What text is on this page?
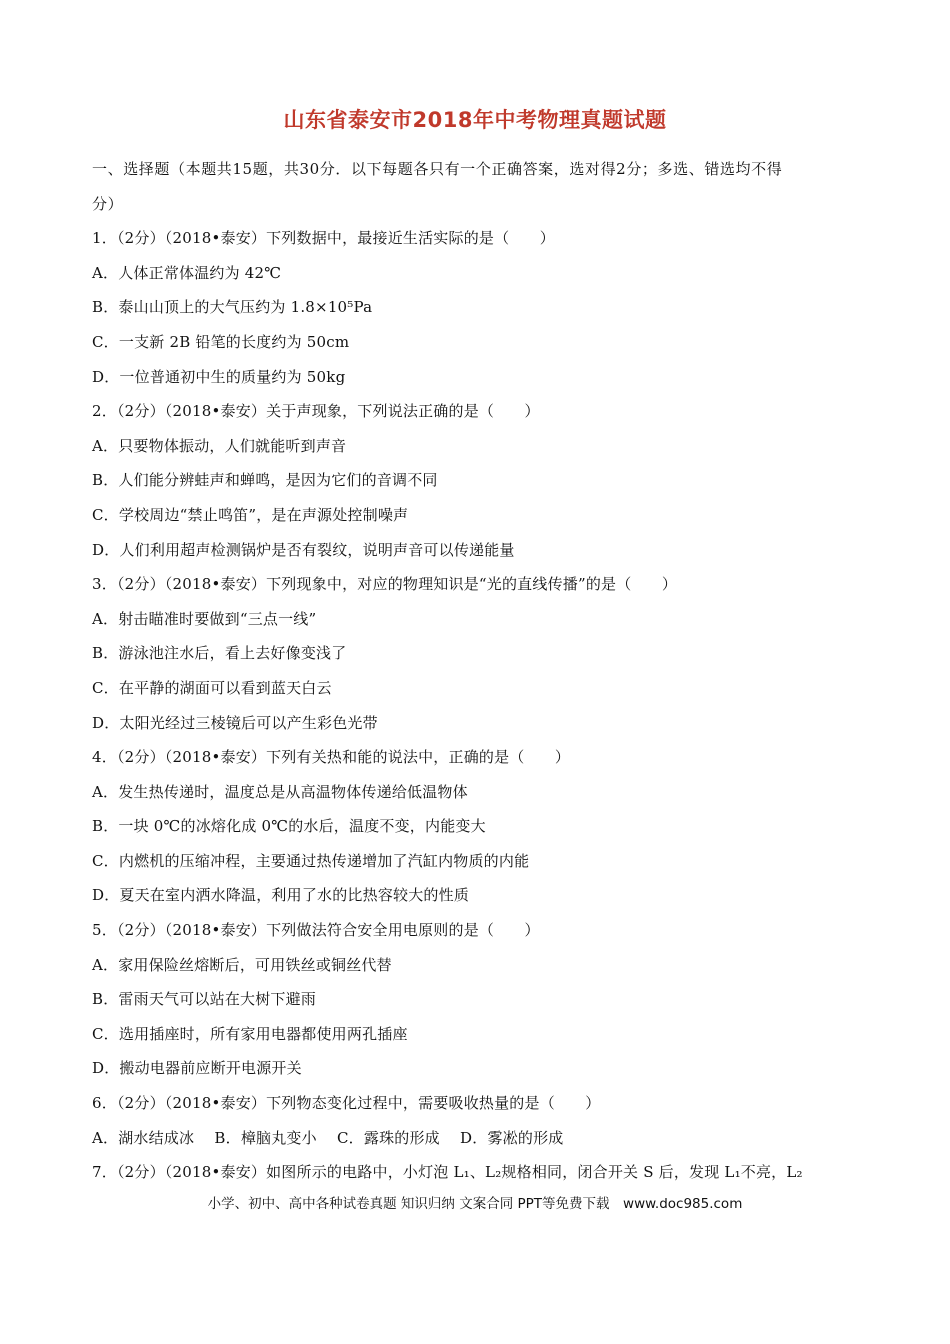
山东省泰安市2018年中考物理真题试题
一、选择题（本题共15题，共30分．以下每题各只有一个正确答案，选对得2分；多选、错选均不得
分）
1．（2分）（2018•泰安）下列数据中，最接近生活实际的是（　　）
A．人体正常体温约为 42℃
B．泰山山顶上的大气压约为 1.8×10⁵Pa
C．一支新 2B 铅笔的长度约为 50cm
D．一位普通初中生的质量约为 50kg
2．（2分）（2018•泰安）关于声现象，下列说法正确的是（　　）
A．只要物体振动，人们就能听到声音
B．人们能分辨蛙声和蝉鸣，是因为它们的音调不同
C．学校周边“禁止鸣笛”，是在声源处控制噪声
D．人们利用超声检测锅炉是否有裂纹，说明声音可以传递能量
3．（2分）（2018•泰安）下列现象中，对应的物理知识是“光的直线传播”的是（　　）
A．射击瞄准时要做到“三点一线”
B．游泳池注水后，看上去好像变浅了
C．在平静的湖面可以看到蓝天白云
D．太阳光经过三棱镜后可以产生彩色光带
4．（2分）（2018•泰安）下列有关热和能的说法中，正确的是（　　）
A．发生热传递时，温度总是从高温物体传递给低温物体
B．一块 0℃的冰熔化成 0℃的水后，温度不变，内能变大
C．内燃机的压缩冲程，主要通过热传递增加了汽缸内物质的内能
D．夏天在室内洒水降温，利用了水的比热容较大的性质
5．（2分）（2018•泰安）下列做法符合安全用电原则的是（　　）
A．家用保险丝熔断后，可用铁丝或铜丝代替
B．雷雨天气可以站在大树下避雨
C．选用插座时，所有家用电器都使用两孔插座
D．搬动电器前应断开电源开关
6．（2分）（2018•泰安）下列物态变化过程中，需要吸收热量的是（　　）
A．湖水结成冰　 B．樟脑丸变小　 C．露珠的形成　 D．雾凇的形成
7．（2分）（2018•泰安）如图所示的电路中，小灯泡 L₁、L₂规格相同，闭合开关 S 后，发现 L₁不亮，L₂
小学、初中、高中各种试卷真题 知识归纳 文案合同 PPT等免费下载　www.doc985.com
